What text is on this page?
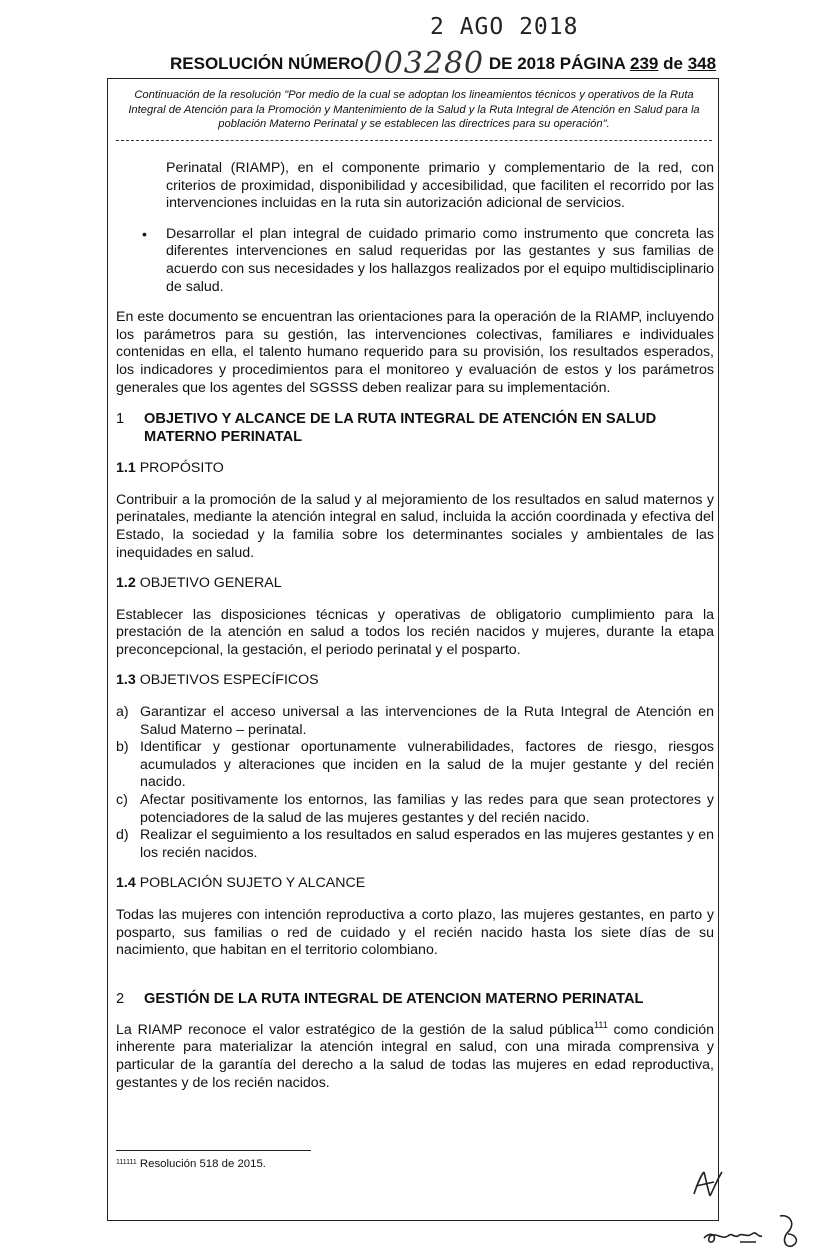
2 AGO 2018
RESOLUCIÓN NÚMERO003280 DE 2018 PÁGINA 239 de 348
Continuación de la resolución "Por medio de la cual se adoptan los lineamientos técnicos y operativos de la Ruta Integral de Atención para la Promoción y Mantenimiento de la Salud y la Ruta Integral de Atención en Salud para la población Materno Perinatal y se establecen las directrices para su operación".

Perinatal (RIAMP), en el componente primario y complementario de la red, con criterios de proximidad, disponibilidad y accesibilidad, que faciliten el recorrido por las intervenciones incluidas en la ruta sin autorización adicional de servicios.

•	Desarrollar el plan integral de cuidado primario como instrumento que concreta las diferentes intervenciones en salud requeridas por las gestantes y sus familias de acuerdo con sus necesidades y los hallazgos realizados por el equipo multidisciplinario de salud.

En este documento se encuentran las orientaciones para la operación de la RIAMP, incluyendo los parámetros para su gestión, las intervenciones colectivas, familiares e individuales contenidas en ella, el talento humano requerido para su provisión, los resultados esperados, los indicadores y procedimientos para el monitoreo y evaluación de estos y los parámetros generales que los agentes del SGSSS deben realizar para su implementación.

1	OBJETIVO Y ALCANCE DE LA RUTA INTEGRAL DE ATENCIÓN EN SALUD MATERNO PERINATAL
1.1 PROPÓSITO

Contribuir a la promoción de la salud y al mejoramiento de los resultados en salud maternos y perinatales, mediante la atención integral en salud, incluida la acción coordinada y efectiva del Estado, la sociedad y la familia sobre los determinantes sociales y ambientales de las inequidades en salud.

1.2 OBJETIVO GENERAL

Establecer las disposiciones técnicas y operativas de obligatorio cumplimiento para la prestación de la atención en salud a todos los recién nacidos y mujeres, durante la etapa preconcepcional, la gestación, el periodo perinatal y el posparto.

1.3 OBJETIVOS ESPECÍFICOS
a) Garantizar el acceso universal a las intervenciones de la Ruta Integral de Atención en Salud Materno – perinatal.
b) Identificar y gestionar oportunamente vulnerabilidades, factores de riesgo, riesgos acumulados y alteraciones que inciden en la salud de la mujer gestante y del recién nacido.
c) Afectar positivamente los entornos, las familias y las redes para que sean protectores y potenciadores de la salud de las mujeres gestantes y del recién nacido.
d) Realizar el seguimiento a los resultados en salud esperados en las mujeres gestantes y en los recién nacidos.
1.4 POBLACIÓN SUJETO Y ALCANCE

Todas las mujeres con intención reproductiva a corto plazo, las mujeres gestantes, en parto y posparto, sus familias o red de cuidado y el recién nacido hasta los siete días de su nacimiento, que habitan en el territorio colombiano.

2	GESTIÓN DE LA RUTA INTEGRAL DE ATENCION MATERNO PERINATAL

La RIAMP reconoce el valor estratégico de la gestión de la salud pública$^{111}$ como condición inherente para materializar la atención integral en salud, con una mirada comprensiva y particular de la garantía del derecho a la salud de todas las mujeres en edad reproductiva, gestantes y de los recién nacidos.

$^{111111}$ Resolución 518 de 2015.
